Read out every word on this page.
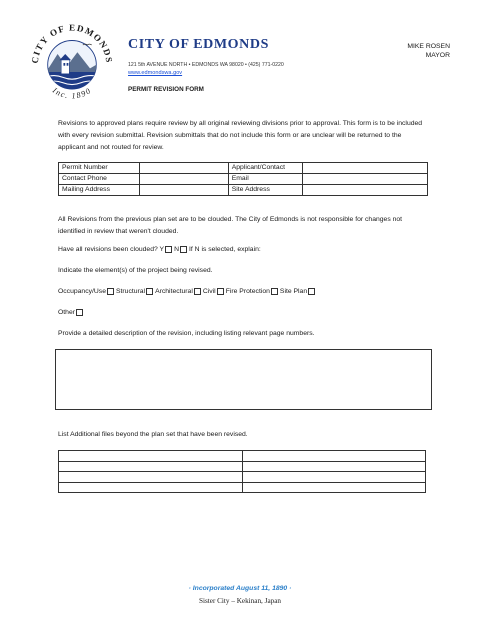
CITY OF EDMONDS
Inc. 1890
CITY OF EDMONDS
121 5th AVENUE NORTH • EDMONDS WA 98020 • (425) 771-0220
www.edmondswa.gov
PERMIT REVISION FORM
MIKE ROSEN
MAYOR
Revisions to approved plans require review by all original reviewing divisions prior to approval. This form is to be included with every revision submittal. Revision submittals that do not include this form or are unclear will be returned to the applicant and not routed for review.
Permit Number		Applicant/Contact	
Contact Phone		Email	
Mailing Address		Site Address	
All Revisions from the previous plan set are to be clouded. The City of Edmonds is not responsible for changes not identified in review that weren't clouded.
Have all revisions been clouded? Y N If N is selected, explain:
Indicate the element(s) of the project being revised.
Occupancy/Use Structural Architectural Civil Fire Protection Site Plan
Other
Provide a detailed description of the revision, including listing relevant page numbers.
List Additional files beyond the plan set that have been revised.

· Incorporated August 11, 1890 ·
Sister City – Kekinan, Japan
